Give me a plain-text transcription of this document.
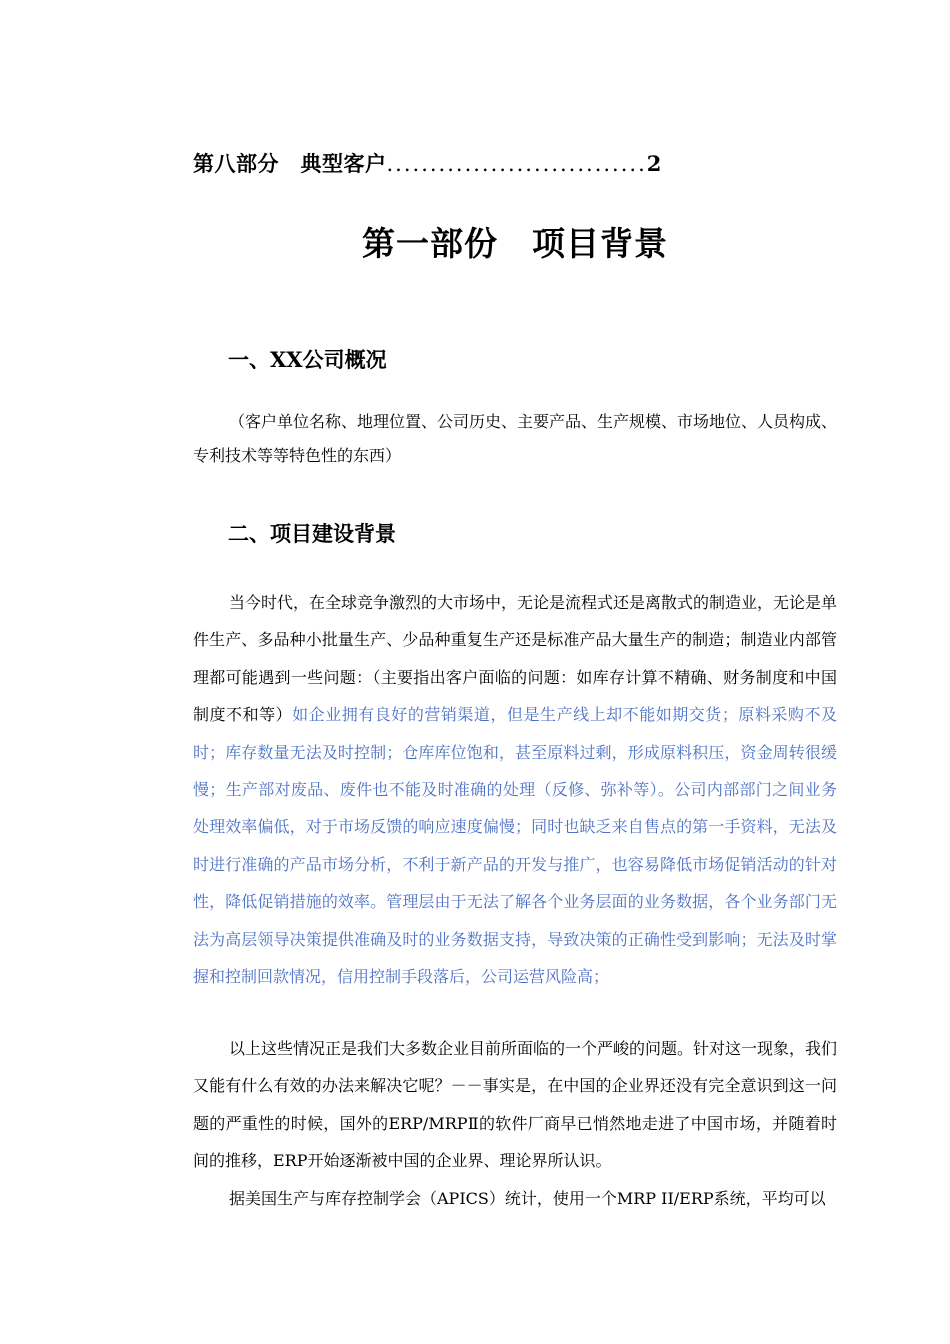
第八部分　典型客户..............................2
第一部份　项目背景
一、XX公司概况

（客户单位名称、地理位置、公司历史、主要产品、生产规模、市场地位、人员构成、专利技术等等特色性的东西）

二、项目建设背景

当今时代，在全球竞争激烈的大市场中，无论是流程式还是离散式的制造业，无论是单件生产、多品种小批量生产、少品种重复生产还是标准产品大量生产的制造；制造业内部管理都可能遇到一些问题：（主要指出客户面临的问题：如库存计算不精确、财务制度和中国制度不和等）如企业拥有良好的营销渠道，但是生产线上却不能如期交货；原料采购不及时；库存数量无法及时控制；仓库库位饱和，甚至原料过剩，形成原料积压，资金周转很缓慢；生产部对废品、废件也不能及时准确的处理（反修、弥补等）。公司内部部门之间业务处理效率偏低，对于市场反馈的响应速度偏慢；同时也缺乏来自售点的第一手资料，无法及时进行准确的产品市场分析，不利于新产品的开发与推广，也容易降低市场促销活动的针对性，降低促销措施的效率。管理层由于无法了解各个业务层面的业务数据，各个业务部门无法为高层领导决策提供准确及时的业务数据支持，导致决策的正确性受到影响；无法及时掌握和控制回款情况，信用控制手段落后，公司运营风险高；

以上这些情况正是我们大多数企业目前所面临的一个严峻的问题。针对这一现象，我们又能有什么有效的办法来解决它呢？－－事实是，在中国的企业界还没有完全意识到这一问题的严重性的时候，国外的ERP/MRPⅡ的软件厂商早已悄然地走进了中国市场，并随着时间的推移，ERP开始逐渐被中国的企业界、理论界所认识。

据美国生产与库存控制学会（APICS）统计，使用一个MRP II/ERP系统，平均可以
